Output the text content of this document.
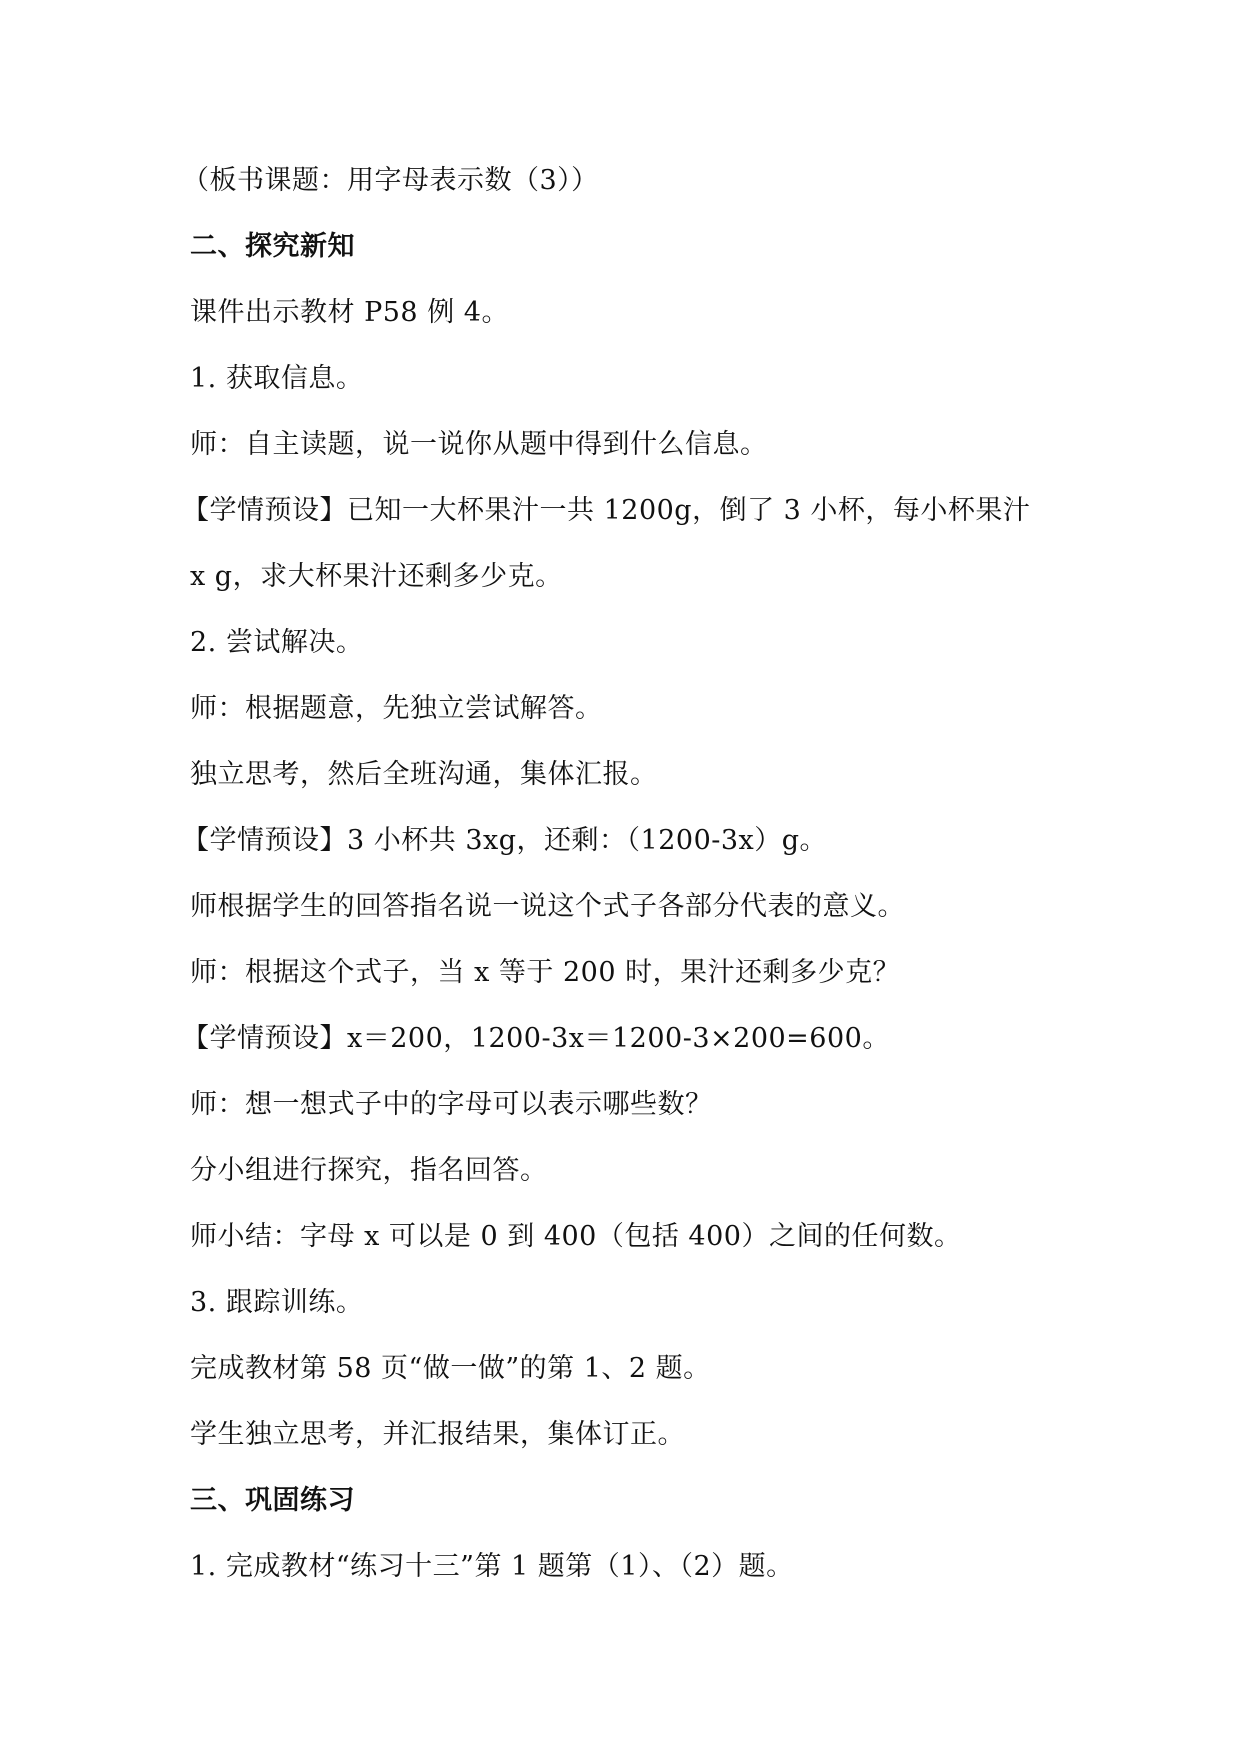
（板书课题：用字母表示数（3））
二、探究新知
课件出示教材 P58 例 4。
1. 获取信息。
师：自主读题，说一说你从题中得到什么信息。
【学情预设】已知一大杯果汁一共 1200g，倒了 3 小杯，每小杯果汁
x g，求大杯果汁还剩多少克。
2. 尝试解决。
师：根据题意，先独立尝试解答。
独立思考，然后全班沟通，集体汇报。
【学情预设】3 小杯共 3xg，还剩：（1200-3x）g。
师根据学生的回答指名说一说这个式子各部分代表的意义。
师：根据这个式子，当 x 等于 200 时，果汁还剩多少克？
【学情预设】x＝200，1200-3x＝1200-3×200=600。
师：想一想式子中的字母可以表示哪些数？
分小组进行探究，指名回答。
师小结：字母 x 可以是 0 到 400（包括 400）之间的任何数。
3. 跟踪训练。
完成教材第 58 页“做一做”的第 1、2 题。
学生独立思考，并汇报结果，集体订正。
三、巩固练习
1. 完成教材“练习十三”第 1 题第（1）、（2）题。
